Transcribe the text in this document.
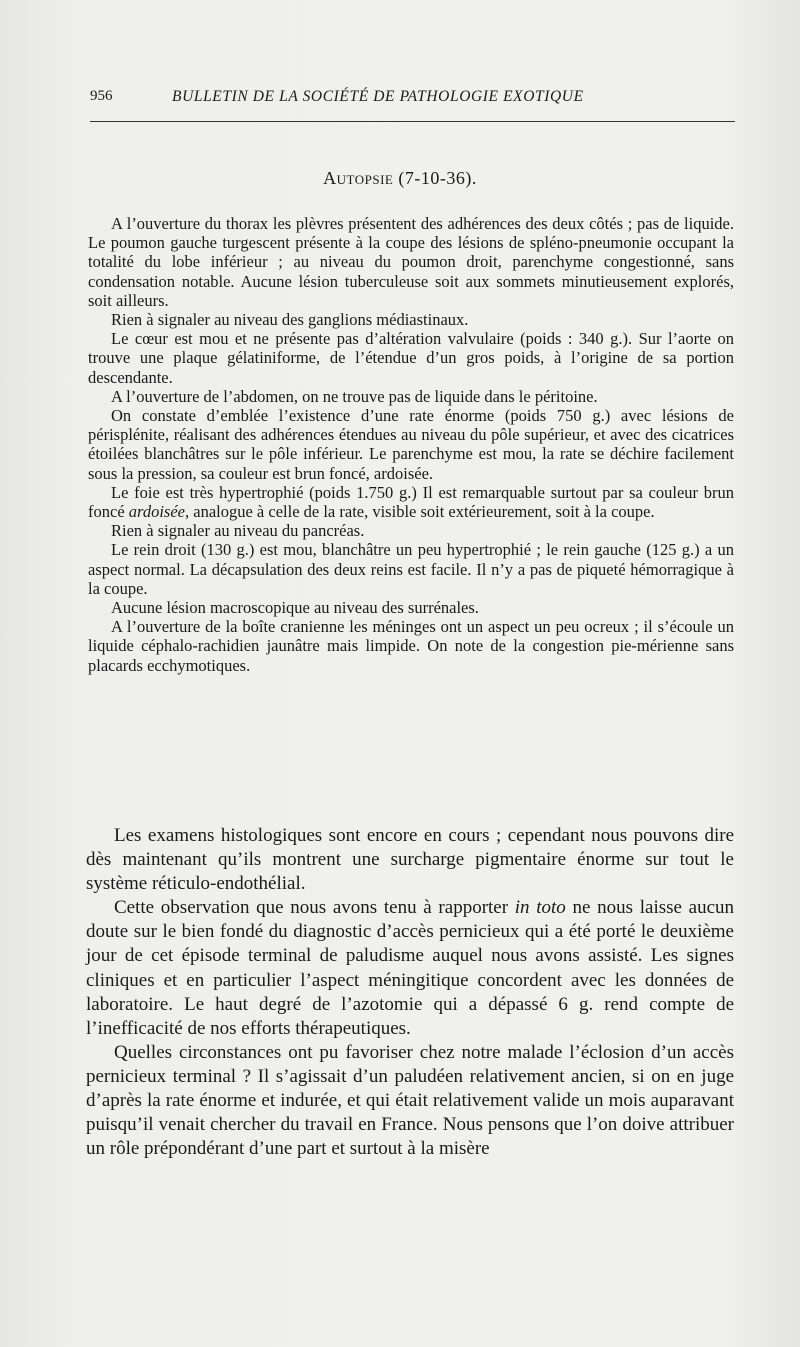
956	BULLETIN DE LA SOCIÉTÉ DE PATHOLOGIE EXOTIQUE
Autopsie (7-10-36).

A l’ouverture du thorax les plèvres présentent des adhérences des deux côtés ; pas de liquide. Le poumon gauche turgescent présente à la coupe des lésions de spléno-pneumonie occupant la totalité du lobe inférieur ; au niveau du poumon droit, parenchyme congestionné, sans condensation notable. Aucune lésion tuberculeuse soit aux sommets minutieusement explorés, soit ailleurs.

Rien à signaler au niveau des ganglions médiastinaux.

Le cœur est mou et ne présente pas d’altération valvulaire (poids : 340 g.). Sur l’aorte on trouve une plaque gélatiniforme, de l’étendue d’un gros poids, à l’origine de sa portion descendante.

A l’ouverture de l’abdomen, on ne trouve pas de liquide dans le péritoine.

On constate d’emblée l’existence d’une rate énorme (poids 750 g.) avec lésions de périsplénite, réalisant des adhérences étendues au niveau du pôle supérieur, et avec des cicatrices étoilées blanchâtres sur le pôle inférieur. Le parenchyme est mou, la rate se déchire facilement sous la pression, sa couleur est brun foncé, ardoisée.

Le foie est très hypertrophié (poids 1.750 g.) Il est remarquable surtout par sa couleur brun foncé ardoisée, analogue à celle de la rate, visible soit extérieurement, soit à la coupe.

Rien à signaler au niveau du pancréas.

Le rein droit (130 g.) est mou, blanchâtre un peu hypertrophié ; le rein gauche (125 g.) a un aspect normal. La décapsulation des deux reins est facile. Il n’y a pas de piqueté hémorragique à la coupe.

Aucune lésion macroscopique au niveau des surrénales.

A l’ouverture de la boîte cranienne les méninges ont un aspect un peu ocreux ; il s’écoule un liquide céphalo-rachidien jaunâtre mais limpide. On note de la congestion pie-mérienne sans placards ecchymotiques.

Les examens histologiques sont encore en cours ; cependant nous pouvons dire dès maintenant qu’ils montrent une surcharge pigmentaire énorme sur tout le système réticulo-endothélial.

Cette observation que nous avons tenu à rapporter in toto ne nous laisse aucun doute sur le bien fondé du diagnostic d’accès pernicieux qui a été porté le deuxième jour de cet épisode terminal de paludisme auquel nous avons assisté. Les signes cliniques et en particulier l’aspect méningitique concordent avec les données de laboratoire. Le haut degré de l’azotomie qui a dépassé 6 g. rend compte de l’inefficacité de nos efforts thérapeutiques.

Quelles circonstances ont pu favoriser chez notre malade l’éclosion d’un accès pernicieux terminal ? Il s’agissait d’un paludéen relativement ancien, si on en juge d’après la rate énorme et indurée, et qui était relativement valide un mois auparavant puisqu’il venait chercher du travail en France. Nous pensons que l’on doive attribuer un rôle prépondérant d’une part et surtout à la misère
